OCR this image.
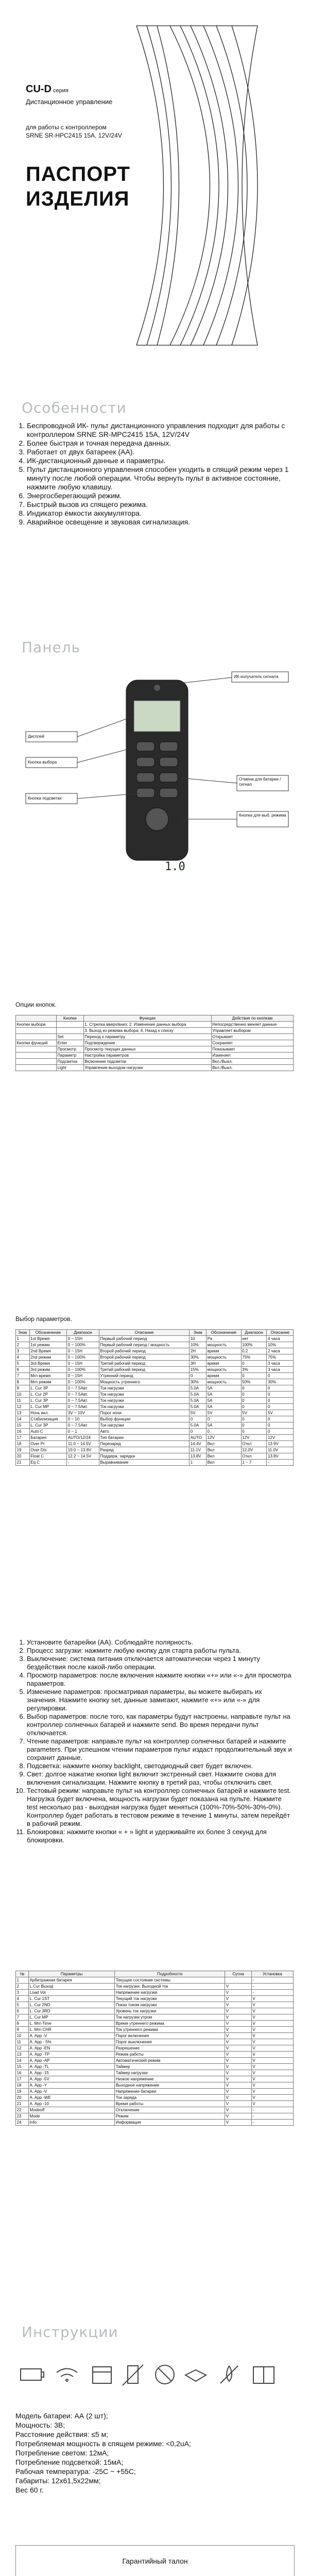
CU-D серия
Дистанционное управление
для работы с контроллером
SRNE SR-HPC2415 15A, 12V/24V
ПАСПОРТ
ИЗДЕЛИЯ
Особенности
1. Беспроводной ИК- пульт дистанционного управления подходит для работы с контроллером SRNE SR-MPC2415 15A, 12V/24V
2. Более быстрая и точная передача данных.
3. Работает от двух батареек (AA).
4. ИК-дистанционный данные и параметры.
5. Пульт дистанционного управления способен уходить в спящий режим через 1 минуту после любой операции. Чтобы вернуть пульт в активное состояние, нажмите любую клавишу.
6. Энергосберегающий режим.
7. Быстрый вызов из спящего режима.
8. Индикатор ёмкости аккумулятора.
9. Аварийное освещение и звуковая сигнализация.
Панель
ИК-излучатель сигнала
Дисплей
Кнопка выбора
Кнопка подсветки
Отмена для батареи / сигнал
Кнопка для выб. режима
1.0
Опции кнопок.
	Кнопки	Функции	Действия по кнопкам
Кнопки выбора		1. Стрелка вверх/вниз; 2. Изменение данных выбора	Непосредственно меняет данные
		3. Выход из режима выбора; 4. Назад к списку	Управляет выбором
	Set	Переход к параметру	Открывает
Кнопки функций	Enter	Подтверждение	Сохраняет
	Просмотр	Просмотр текущих данных	Показывает
	Параметр	Настройка параметров	Изменяет
	Подсветка	Включение подсветки	Вкл./Выкл.
	Light	Управление выходом нагрузки	Вкл./Выкл.
Выбор параметров.
Знак	Обозначение	Диапазон	Описание	Знак	Обозначение	Диапазон	Описание
1	1st Время	0 ~ 15H	Первый рабочий период	10	Ра	нет	4 часа
2	1st режим	0 ~ 100%	Первый рабочий период / мощность	10%	мощность	100%	10%
3	2nd Время	0 ~ 15H	Второй рабочий период	2H	время	0.2	2 часа
4	2nd режим	0 ~ 100%	Второй рабочий период	30%	мощность	75%	75%
5	3rd Время	0 ~ 15H	Третий рабочий период	3H	время	0	3 часа
6	3rd режим	0 ~ 100%	Третий рабочий период	15%	мощность	3%	3 часа
7	Mrn время	0 ~ 15H	Утренний период	0	время	0	0
8	Mrn режим	0 ~ 100%	Мощность утреннего	30%	мощность	50%	30%
9	L. Cur ЗР	0 ~ 7.5Авт.	Ток нагрузки	5.0A	5A	0	0
10	L. Cur 2P	0 ~ 7.5Авт.	Ток нагрузки	5.0A	5A	0	0
11	L. Cur ЗР	0 ~ 7.5Авт.	Ток нагрузки	5.0A	5A	0	0
12	L. Cur МР	0 ~ 7.5Авт.	Ток нагрузки	5.0A	5A	0	0
13	Ночь вкл.	3V ~ 10V	Порог ночи	5V	5V	5V	5V
14	Стабилизация	0 ~ 10	Выбор функции	0	0	0	0
15	L. Cur ЗР	0 ~ 7.5Авт.	Ток нагрузки	5.0A	5A	0	0
16	Auto C	0 ~ 1	Авто	0	0	0	0
17	Батарея	AUTO/12/24	Тип батареи	AUTO	12V	12V	12V
18	Over Pr	11.0 ~ 14.5V	Перезаряд	14.4V	Вкл	Откл	13.9V
19	Over Dis	10.0 ~ 13.8V	Разряд	11.1V	Вкл	12.0V	11.0V
20	Float C	12.2 ~ 14.5V	Поддерж. зарядка	13.8V	Вкл	Откл	13.8V
21	Eq C	-	Выравнивание	1	Вкл	1 ~ 7	-
1. Установите батарейки (AA). Соблюдайте полярность.
2. Процесс загрузки: нажмите любую кнопку для старта работы пульта.
3. Выключение: система питания отключается автоматически через 1 минуту бездействия после какой-либо операции.
4. Просмотр параметров: после включения нажмите кнопки «+» или «-» для просмотра параметров.
5. Изменение параметров: просматривая параметры, вы можете выбирать их значения. Нажмите кнопку set, данные замигают, нажмите «+» или «-» для регулировки.
6. Выбор параметров: после того, как параметры будут настроены, направьте пульт на контроллер солнечных батарей и нажмите send. Во время передачи пульт отключается.
7. Чтение параметров: направьте пульт на контроллер солнечных батарей и нажмите parameters. При успешном чтении параметров пульт издаст продолжительный звук и сохранит данные.
8. Подсветка: нажмите кнопку backlight, светодиодный свет будет включен.
9. Свет: долгое нажатие кнопки light включит экстренный свет. Нажмите снова для включения сигнализации. Нажмите кнопку в третий раз, чтобы отключить свет.
10. Тестовый режим: направьте пульт на контроллер солнечных батарей и нажмите test. Нагрузка будет включена, мощность нагрузки будет показана на пульте. Нажмите test несколько раз - выходная нагрузка будет меняться (100%-70%-50%-30%-0%). Контроллер будет работать в тестовом режиме в течение 1 минуты, затем перейдёт в рабочий режим.
11. Блокировка: нажмите кнопки « + » light и удерживайте их более 3 секунд для блокировки.
№	Параметры	Подробности	Сусна	Установка
1	Арбитражная батарея	Текущее состояние системы		-
2	L.Cur Выход	Ток нагрузки; Выходной ток	V	-
3	Load Vol	Напряжение нагрузки	V	-
4	L. Cur 1ST	Текущий ток нагрузки	V	V
5	L. Cur 2ND	Показ током нагрузки	V	V
6	L. Cur 3RD	Уровень ток нагрузки	V	V
7	L. Cur МР	Ток нагрузки утром	V	V
8	L. Mrn Time	Время утреннего режима	V	V
9	L. Mrn CHR	Ток утреннего режима	V	V
10	A. App -V	Порог включения	V	V
11	A. App - 5%	Порог выключения	V	V
12	A. App -EN	Разрешение	V	V
13	A. App -TP	Режим работы	V	V
14	A. App -AP	Автоматический режим	V	V
15	A. App -TL	Таймер	V	V
16	A. App -15	Таймер нагрузки	V	V
17	A. App -5V	Низкое напряжение	V	V
18	A. App -Y	Выходное напряжение	V	V
19	A. App -V	Напряжение батареи	V	V
20	A. App -WE	Ток заряда	V	V
21	A. App -10	Время работы	V	V
22	Modeoff	Отключение	V	-
23	Mode	Режим	V	-
24	Info	Информация	V	-
Инструкции

Модель батареи: АА (2 шт);

Мощность: 3В;

Расстояние действия: ≤5 м;

Потребляемая мощность в спящем режиме: <0,2uA;

Потребление светом: 12мА;

Потребление подсветкой: 15мА;

Рабочая температура: -25С ~ +55С;

Габариты: 12х61,5х22мм;

Вес 60 г.

Гарантийный талон
